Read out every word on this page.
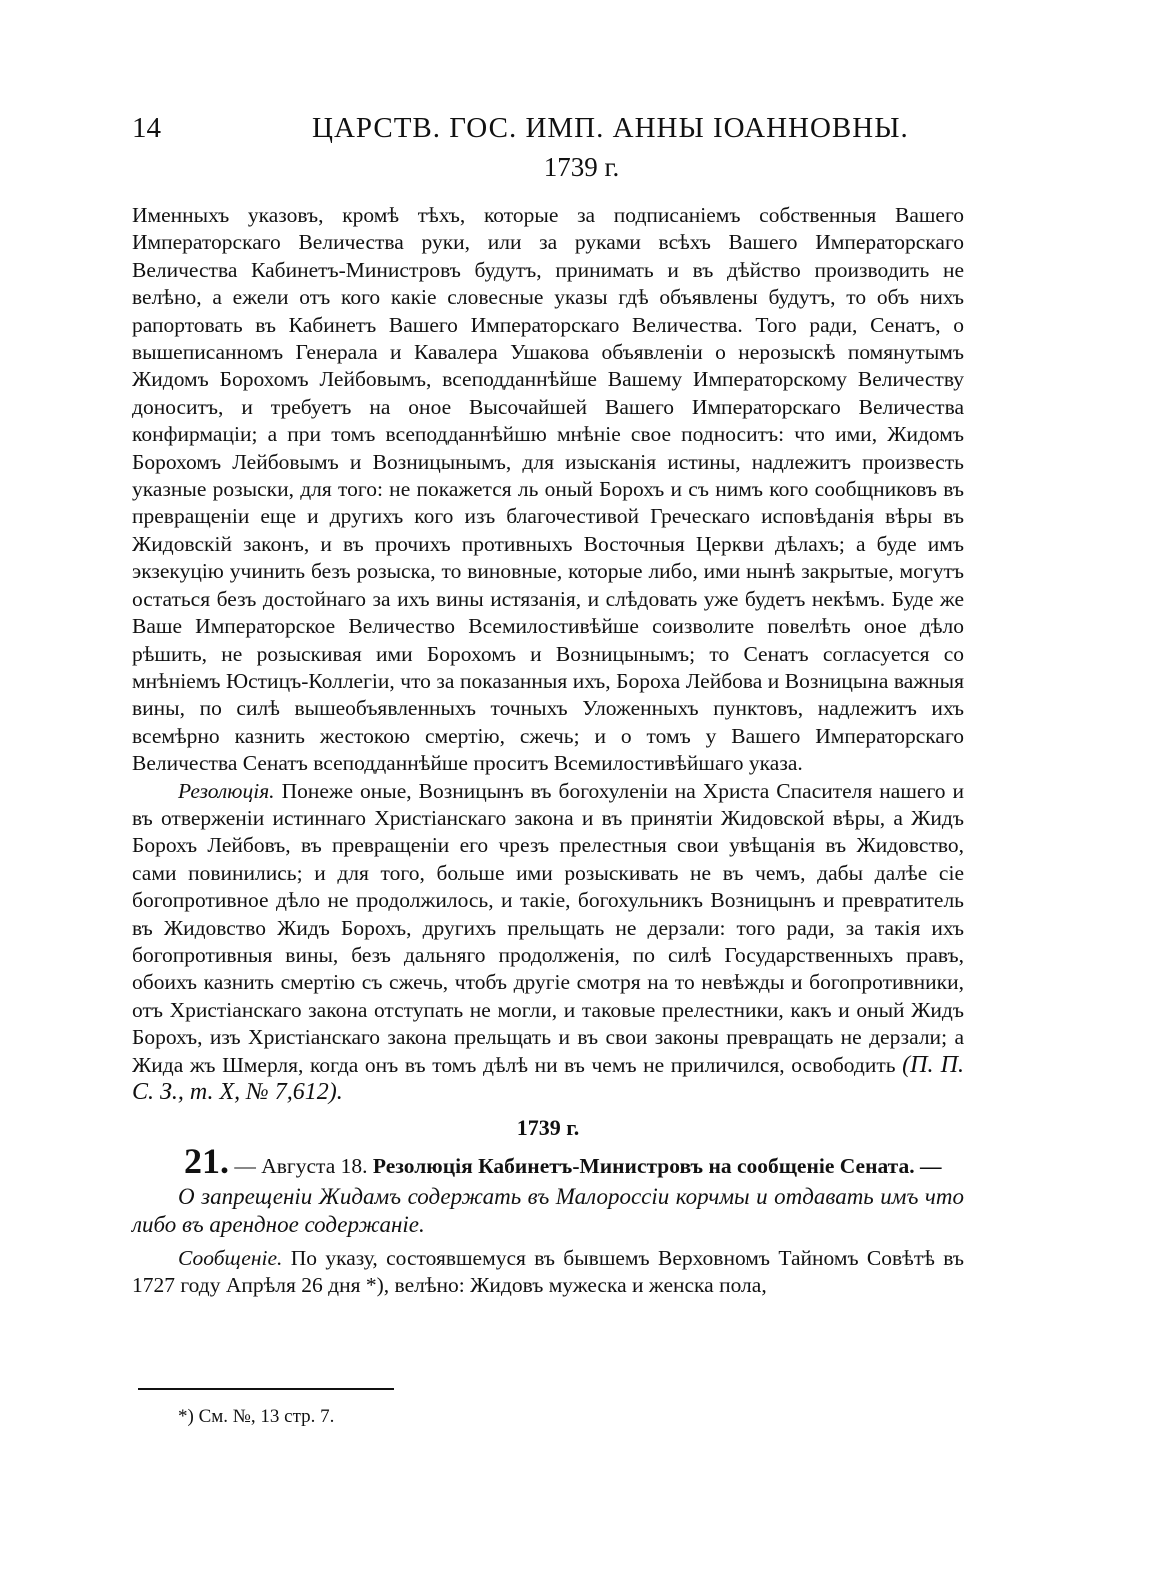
14	ЦАРСТВ. ГОС. ИМП. АННЫ ІОАННОВНЫ.
1739 г.

Именныхъ указовъ, кромѣ тѣхъ, которые за подписаніемъ собственныя Вашего Императорскаго Величества руки, или за руками всѣхъ Вашего Императорскаго Величества Кабинетъ-Министровъ будутъ, принимать и въ дѣйство производить не велѣно, а ежели отъ кого какіе словесные указы гдѣ объявлены будутъ, то объ нихъ рапортовать въ Кабинетъ Вашего Императорскаго Величества. Того ради, Сенатъ, о вышеписанномъ Генерала и Кавалера Ушакова объявленіи о нерозыскѣ помянутымъ Жидомъ Борохомъ Лейбовымъ, всеподданнѣйше Вашему Императорскому Величеству доноситъ, и требуетъ на оное Высочайшей Вашего Императорскаго Величества конфирмаціи; а при томъ всеподданнѣйшю мнѣніе свое подноситъ: что ими, Жидомъ Борохомъ Лейбовымъ и Возницынымъ, для изысканія истины, надлежитъ произвесть указные розыски, для того: не покажется ль оный Борохъ и съ нимъ кого сообщниковъ въ превращеніи еще и другихъ кого изъ благочестивой Греческаго исповѣданія вѣры въ Жидовскій законъ, и въ прочихъ противныхъ Восточныя Церкви дѣлахъ; а буде имъ экзекуцію учинить безъ розыска, то виновные, которые либо, ими нынѣ закрытые, могутъ остаться безъ достойнаго за ихъ вины истязанія, и слѣдовать уже будетъ некѣмъ. Буде же Ваше Императорское Величество Всемилостивѣйше соизволите повелѣть оное дѣло рѣшить, не розыскивая ими Борохомъ и Возницынымъ; то Сенатъ согласуется со мнѣніемъ Юстицъ-Коллегіи, что за показанныя ихъ, Бороха Лейбова и Возницына важныя вины, по силѣ вышеобъявленныхъ точныхъ Уложенныхъ пунктовъ, надлежитъ ихъ всемѣрно казнить жестокою смертію, сжечь; и о томъ у Вашего Императорскаго Величества Сенатъ всеподданнѣйше проситъ Всемилостивѣйшаго указа.

Резолюція. Понеже оные, Возницынъ въ богохуленіи на Христа Спасителя нашего и въ отверженіи истиннаго Христіанскаго закона и въ принятіи Жидовской вѣры, а Жидъ Борохъ Лейбовъ, въ превращеніи его чрезъ прелестныя свои увѣщанія въ Жидовство, сами повинились; и для того, больше ими розыскивать не въ чемъ, дабы далѣе сіе богопротивное дѣло не продолжилось, и такіе, богохульникъ Возницынъ и превратитель въ Жидовство Жидъ Борохъ, другихъ прельщать не дерзали: того ради, за такія ихъ богопротивныя вины, безъ дальняго продолженія, по силѣ Государственныхъ правъ, обоихъ казнить смертію съ сжечь, чтобъ другіе смотря на то невѣжды и богопротивники, отъ Христіанскаго закона отступать не могли, и таковые прелестники, какъ и оный Жидъ Борохъ, изъ Христіанскаго закона прельщать и въ свои законы превращать не дерзали; а Жида жъ Шмерля, когда онъ въ томъ дѣлѣ ни въ чемъ не приличился, освободить (П. П. С. З., т. X, № 7,612).

1739 г.

21. — Августа 18. Резолюція Кабинетъ-Министровъ на сообщеніе Сената. —

О запрещеніи Жидамъ содержать въ Малороссіи корчмы и отдавать имъ что либо въ арендное содержаніе.

Сообщеніе. По указу, состоявшемуся въ бывшемъ Верховномъ Тайномъ Совѣтѣ въ 1727 году Апрѣля 26 дня *), велѣно: Жидовъ мужеска и женска пола,

*) См. №, 13 стр. 7.
